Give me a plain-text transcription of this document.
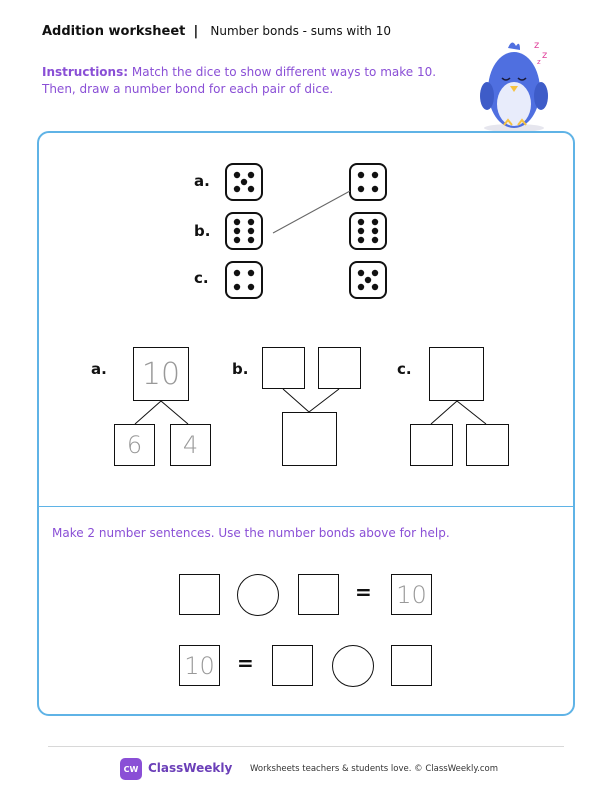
Addition worksheet | Number bonds - sums with 10
Instructions: Match the dice to show different ways to make 10. Then, draw a number bond for each pair of dice.
z
z
z
a.
b.
c.
a.	b.	c.
10
6	4
Make 2 number sentences. Use the number bonds above for help.
= 10
10 =
CW ClassWeekly Worksheets teachers & students love. © ClassWeekly.com
